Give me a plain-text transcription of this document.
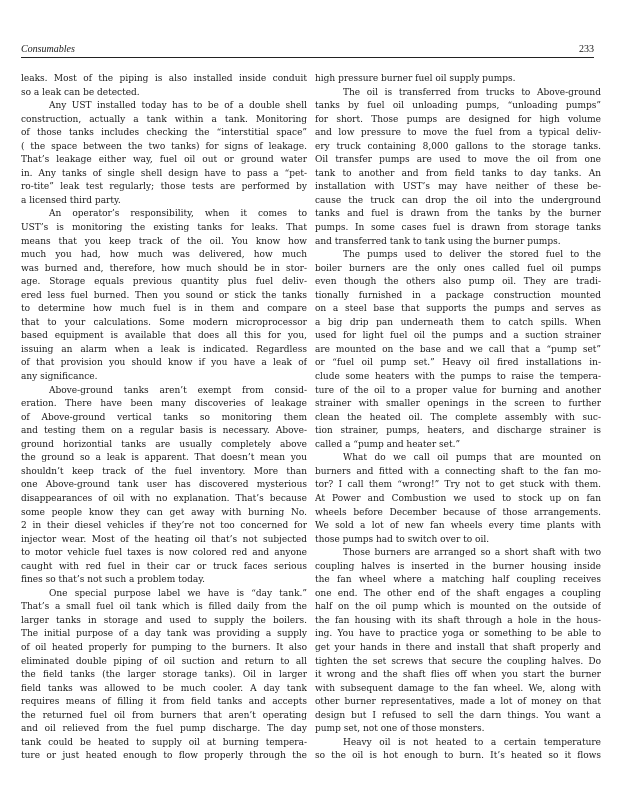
Consumables	233
leaks. Most of the piping is also installed inside conduit
so a leak can be detected.
Any UST installed today has to be of a double shell
construction, actually a tank within a tank. Monitoring
of those tanks includes checking the “interstitial space”
( the space between the two tanks) for signs of leakage.
That’s leakage either way, fuel oil out or ground water
in. Any tanks of single shell design have to pass a “pet-
ro-tite” leak test regularly; those tests are performed by
a licensed third party.
An operator’s responsibility, when it comes to
UST’s is monitoring the existing tanks for leaks. That
means that you keep track of the oil. You know how
much you had, how much was delivered, how much
was burned and, therefore, how much should be in stor-
age. Storage equals previous quantity plus fuel deliv-
ered less fuel burned. Then you sound or stick the tanks
to determine how much fuel is in them and compare
that to your calculations. Some modern microprocessor
based equipment is available that does all this for you,
issuing an alarm when a leak is indicated. Regardless
of that provision you should know if you have a leak of
any significance.
Above-ground tanks aren’t exempt from consid-
eration. There have been many discoveries of leakage
of Above-ground vertical tanks so monitoring them
and testing them on a regular basis is necessary. Above-
ground horizontial tanks are usually completely above
the ground so a leak is apparent. That doesn’t mean you
shouldn’t keep track of the fuel inventory. More than
one Above-ground tank user has discovered mysterious
disappearances of oil with no explanation. That’s because
some people know they can get away with burning No.
2 in their diesel vehicles if they’re not too concerned for
injector wear. Most of the heating oil that’s not subjected
to motor vehicle fuel taxes is now colored red and anyone
caught with red fuel in their car or truck faces serious
fines so that’s not such a problem today.
One special purpose label we have is “day tank.”
That’s a small fuel oil tank which is filled daily from the
larger tanks in storage and used to supply the boilers.
The initial purpose of a day tank was providing a supply
of oil heated properly for pumping to the burners. It also
eliminated double piping of oil suction and return to all
the field tanks (the larger storage tanks). Oil in larger
field tanks was allowed to be much cooler. A day tank
requires means of filling it from field tanks and accepts
the returned fuel oil from burners that aren’t operating
and oil relieved from the fuel pump discharge. The day
tank could be heated to supply oil at burning tempera-
ture or just heated enough to flow properly through the
high pressure burner fuel oil supply pumps.
The oil is transferred from trucks to Above-ground
tanks by fuel oil unloading pumps, “unloading pumps”
for short. Those pumps are designed for high volume
and low pressure to move the fuel from a typical deliv-
ery truck containing 8,000 gallons to the storage tanks.
Oil transfer pumps are used to move the oil from one
tank to another and from field tanks to day tanks. An
installation with UST’s may have neither of these be-
cause the truck can drop the oil into the underground
tanks and fuel is drawn from the tanks by the burner
pumps. In some cases fuel is drawn from storage tanks
and transferred tank to tank using the burner pumps.
The pumps used to deliver the stored fuel to the
boiler burners are the only ones called fuel oil pumps
even though the others also pump oil. They are tradi-
tionally furnished in a package construction mounted
on a steel base that supports the pumps and serves as
a big drip pan underneath them to catch spills. When
used for light fuel oil the pumps and a suction strainer
are mounted on the base and we call that a “pump set”
or “fuel oil pump set.” Heavy oil fired installations in-
clude some heaters with the pumps to raise the tempera-
ture of the oil to a proper value for burning and another
strainer with smaller openings in the screen to further
clean the heated oil. The complete assembly with suc-
tion strainer, pumps, heaters, and discharge strainer is
called a “pump and heater set.”
What do we call oil pumps that are mounted on
burners and fitted with a connecting shaft to the fan mo-
tor? I call them “wrong!” Try not to get stuck with them.
At Power and Combustion we used to stock up on fan
wheels before December because of those arrangements.
We sold a lot of new fan wheels every time plants with
those pumps had to switch over to oil.
Those burners are arranged so a short shaft with two
coupling halves is inserted in the burner housing inside
the fan wheel where a matching half coupling receives
one end. The other end of the shaft engages a coupling
half on the oil pump which is mounted on the outside of
the fan housing with its shaft through a hole in the hous-
ing. You have to practice yoga or something to be able to
get your hands in there and install that shaft properly and
tighten the set screws that secure the coupling halves. Do
it wrong and the shaft flies off when you start the burner
with subsequent damage to the fan wheel. We, along with
other burner representatives, made a lot of money on that
design but I refused to sell the darn things. You want a
pump set, not one of those monsters.
Heavy oil is not heated to a certain temperature
so the oil is hot enough to burn. It’s heated so it flows
